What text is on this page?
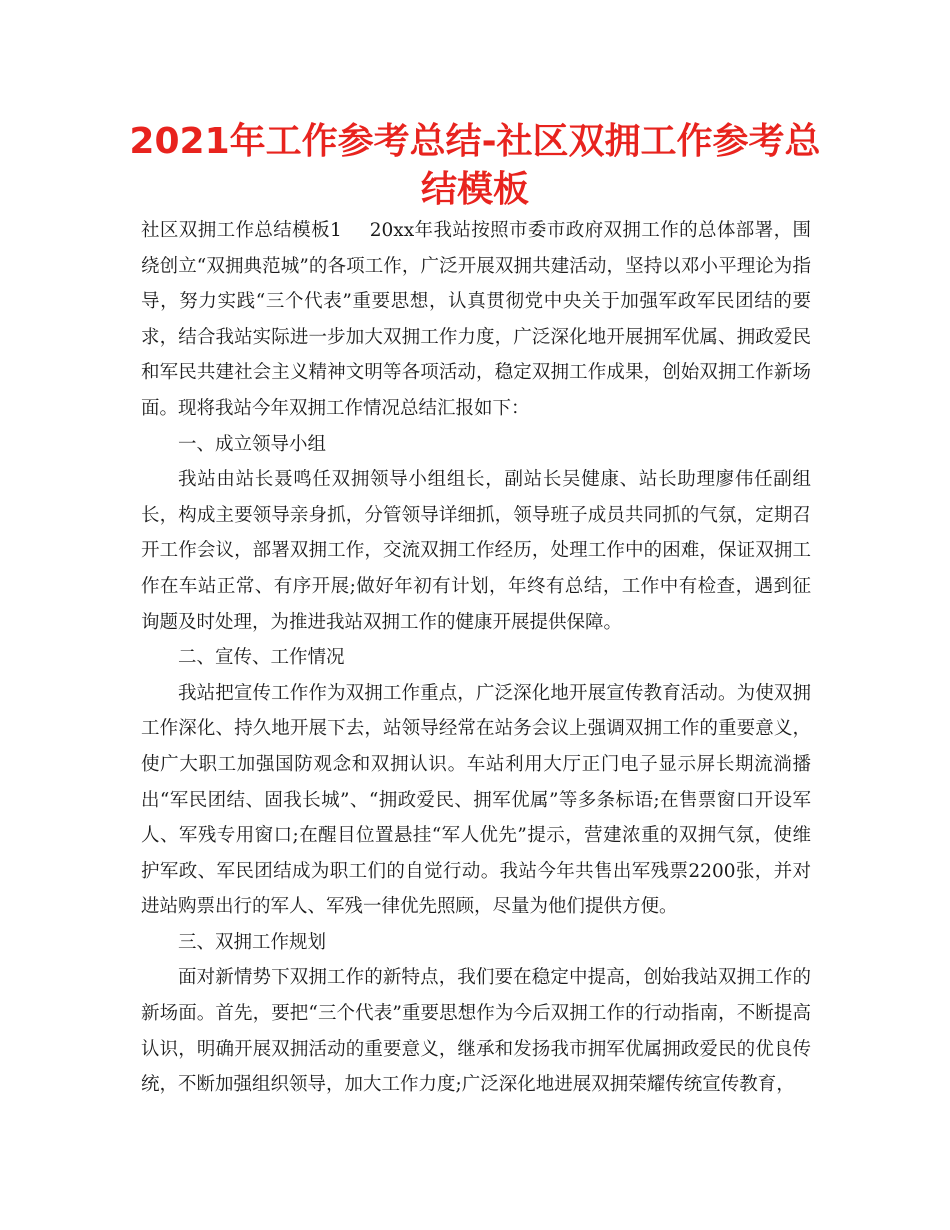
2021年工作参考总结-社区双拥工作参考总结模板

社区双拥工作总结模板1 20xx年我站按照市委市政府双拥工作的总体部署，围绕创立“双拥典范城”的各项工作，广泛开展双拥共建活动，坚持以邓小平理论为指导，努力实践“三个代表”重要思想，认真贯彻党中央关于加强军政军民团结的要求，结合我站实际进一步加大双拥工作力度，广泛深化地开展拥军优属、拥政爱民和军民共建社会主义精神文明等各项活动，稳定双拥工作成果，创始双拥工作新场面。现将我站今年双拥工作情况总结汇报如下：

一、成立领导小组

我站由站长聂鸣任双拥领导小组组长，副站长吴健康、站长助理廖伟任副组长，构成主要领导亲身抓，分管领导详细抓，领导班子成员共同抓的气氛，定期召开工作会议，部署双拥工作，交流双拥工作经历，处理工作中的困难，保证双拥工作在车站正常、有序开展;做好年初有计划，年终有总结，工作中有检查，遇到征询题及时处理，为推进我站双拥工作的健康开展提供保障。

二、宣传、工作情况

我站把宣传工作作为双拥工作重点，广泛深化地开展宣传教育活动。为使双拥工作深化、持久地开展下去，站领导经常在站务会议上强调双拥工作的重要意义，使广大职工加强国防观念和双拥认识。车站利用大厅正门电子显示屏长期流淌播出“军民团结、固我长城”、“拥政爱民、拥军优属”等多条标语;在售票窗口开设军人、军残专用窗口;在醒目位置悬挂“军人优先”提示，营建浓重的双拥气氛，使维护军政、军民团结成为职工们的自觉行动。我站今年共售出军残票2200张，并对进站购票出行的军人、军残一律优先照顾，尽量为他们提供方便。

三、双拥工作规划

面对新情势下双拥工作的新特点，我们要在稳定中提高，创始我站双拥工作的新场面。首先，要把“三个代表”重要思想作为今后双拥工作的行动指南，不断提高认识，明确开展双拥活动的重要意义，继承和发扬我市拥军优属拥政爱民的优良传统，不断加强组织领导，加大工作力度;广泛深化地进展双拥荣耀传统宣传教育，
